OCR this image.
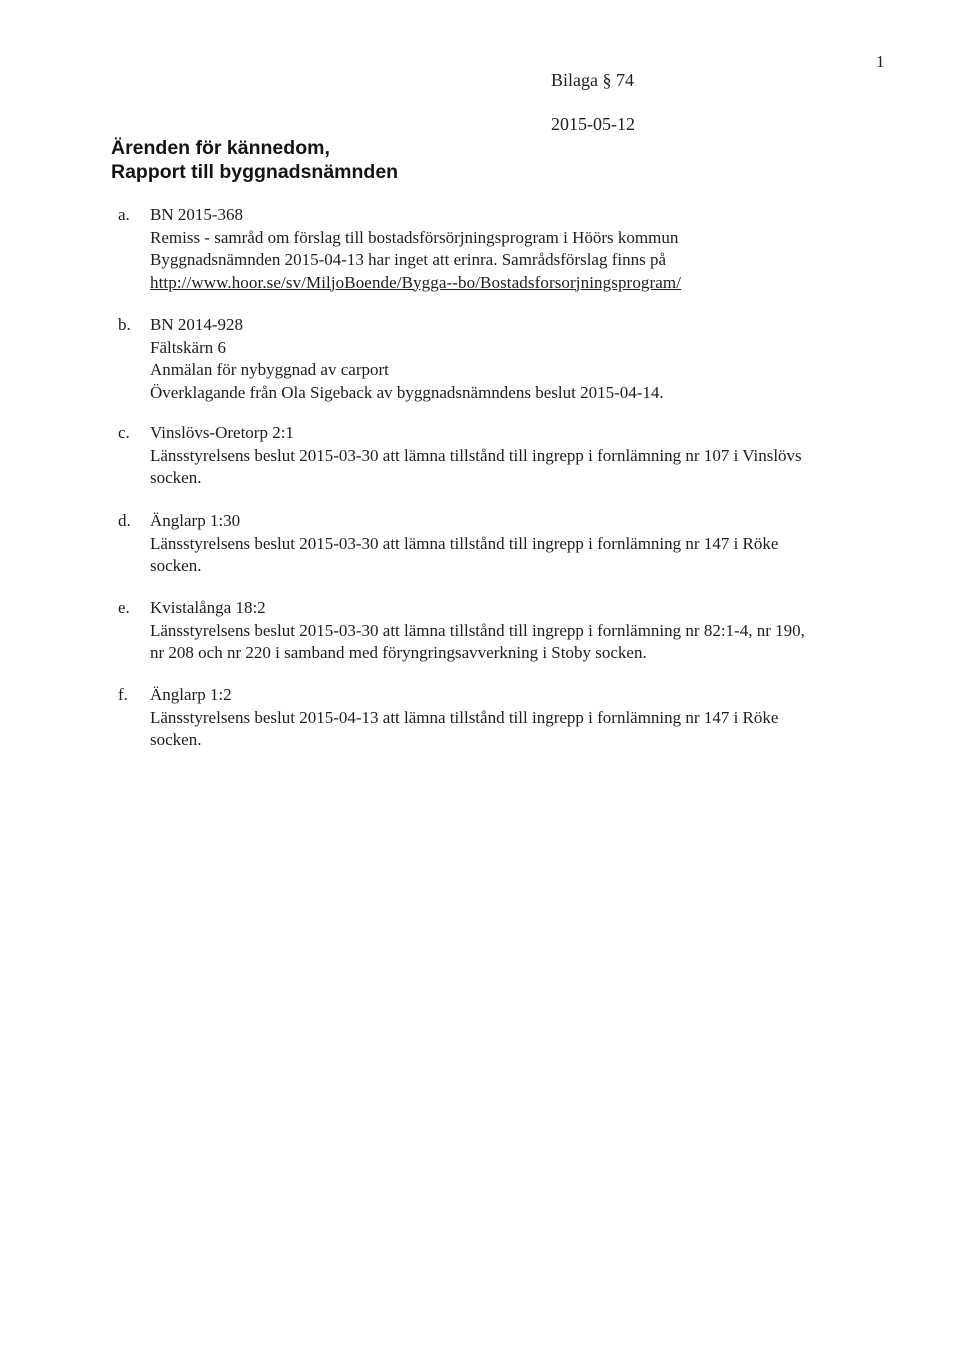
1
Bilaga § 74
2015-05-12
Ärenden för kännedom,
Rapport till byggnadsnämnden
a. BN 2015-368
Remiss - samråd om förslag till bostadsförsörjningsprogram i Höörs kommun
Byggnadsnämnden 2015-04-13 har inget att erinra. Samrådsförslag finns på
http://www.hoor.se/sv/MiljoBoende/Bygga--bo/Bostadsforsorjningsprogram/
b. BN 2014-928
Fältskärn 6
Anmälan för nybyggnad av carport
Överklagande från Ola Sigeback av byggnadsnämndens beslut 2015-04-14.
c. Vinslövs-Oretorp 2:1
Länsstyrelsens beslut 2015-03-30 att lämna tillstånd till ingrepp i fornlämning nr 107 i Vinslövs
socken.
d. Änglarp 1:30
Länsstyrelsens beslut 2015-03-30 att lämna tillstånd till ingrepp i fornlämning nr 147 i Röke
socken.
e. Kvistalånga 18:2
Länsstyrelsens beslut 2015-03-30 att lämna tillstånd till ingrepp i fornlämning nr 82:1-4, nr 190,
nr 208 och nr 220 i samband med föryngringsavverkning i Stoby socken.
f. Änglarp 1:2
Länsstyrelsens beslut 2015-04-13 att lämna tillstånd till ingrepp i fornlämning nr 147 i Röke
socken.
